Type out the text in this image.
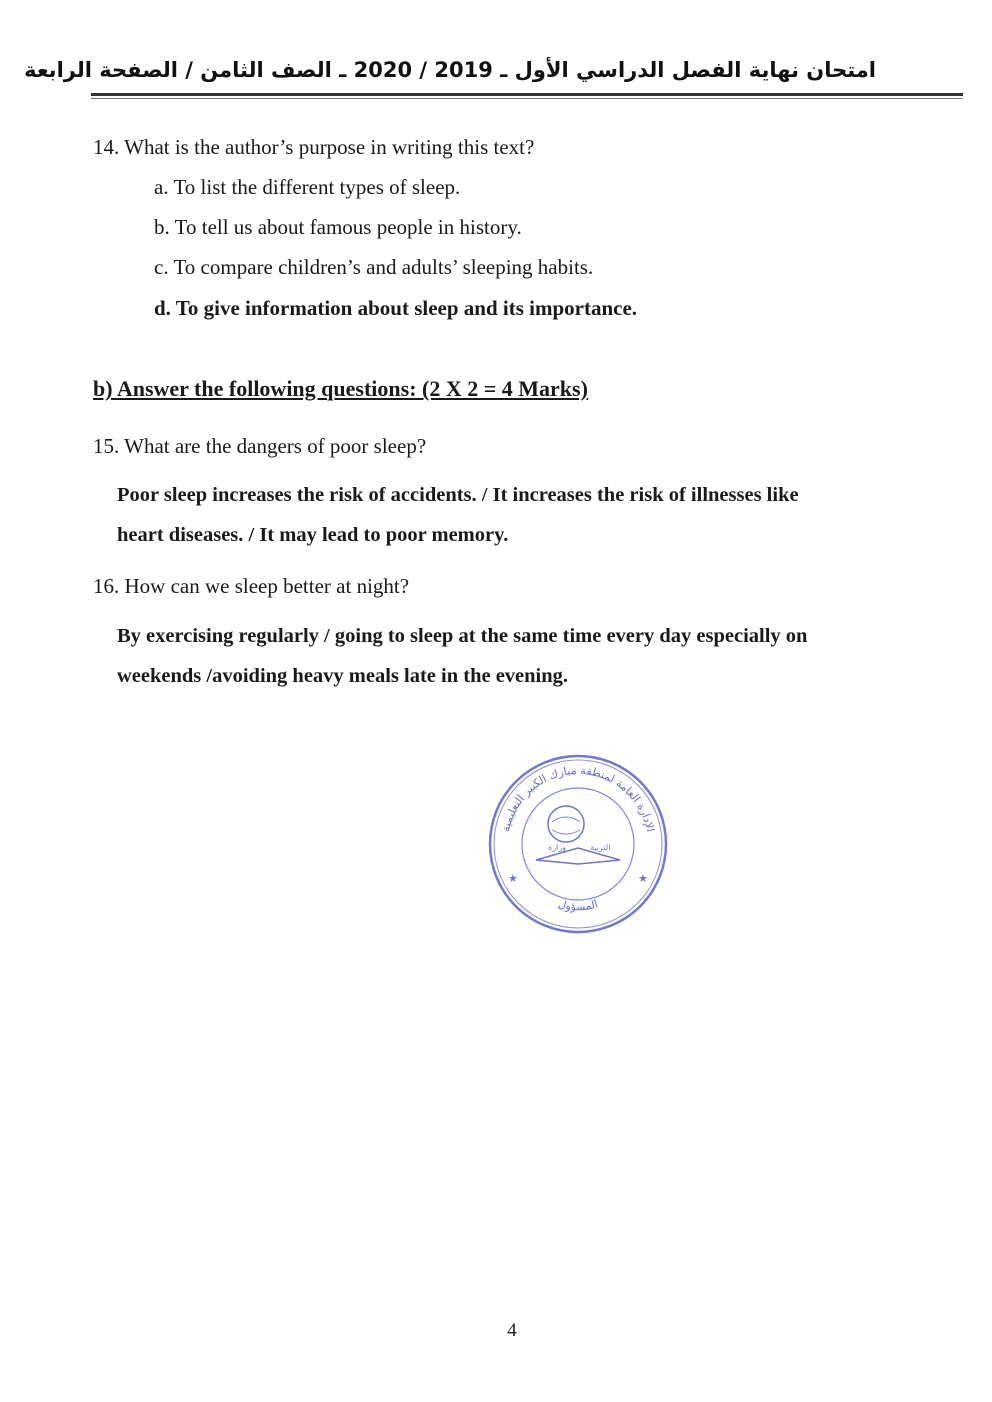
امتحان نهاية الفصل الدراسي الأول ـ 2019 / 2020 ـ الصف الثامن / الصفحة الرابعة
14. What is the author’s purpose in writing this text?
a. To list the different types of sleep.
b. To tell us about famous people in history.
c. To compare children’s and adults’ sleeping habits.
d. To give information about sleep and its importance.
b) Answer the following questions: (2 X 2 = 4 Marks)
15. What are the dangers of poor sleep?
Poor sleep increases the risk of accidents. / It increases the risk of illnesses like
heart diseases. / It may lead to poor memory.
16. How can we sleep better at night?
By exercising regularly / going to sleep at the same time every day especially on
weekends /avoiding heavy meals late in the evening.
الإدارة العامة لمنطقة مبارك الكبير التعليمية
المسؤول
★	★
وزارة	التربية
4
